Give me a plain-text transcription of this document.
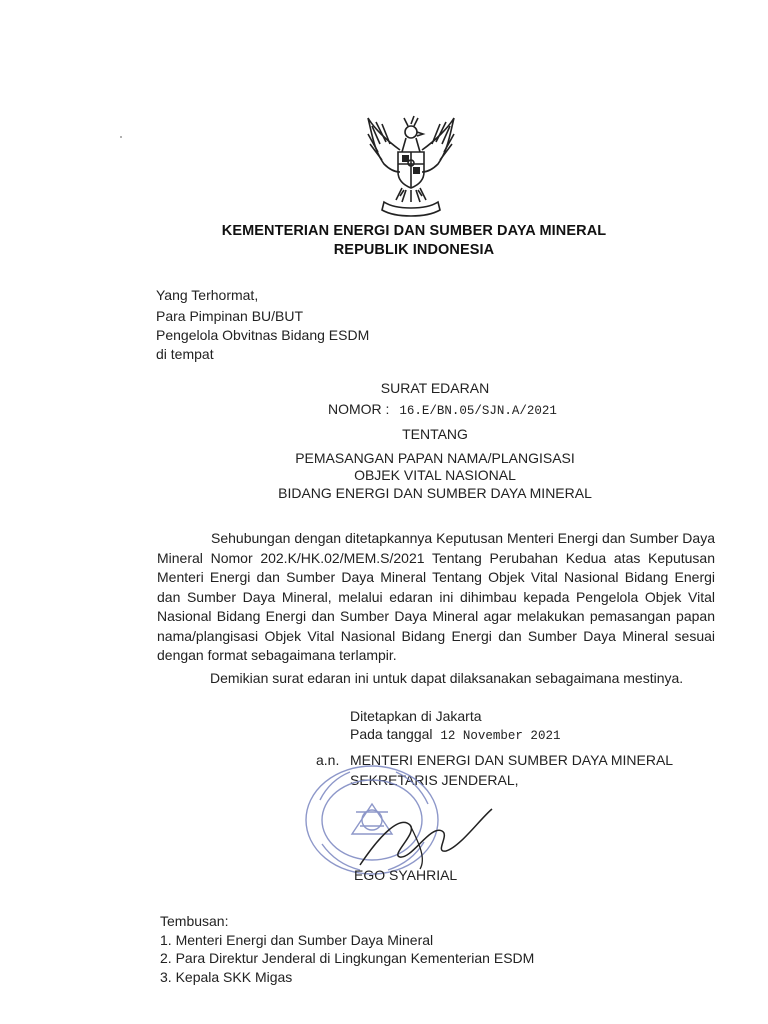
KEMENTERIAN ENERGI DAN SUMBER DAYA MINERAL
REPUBLIK INDONESIA
Yang Terhormat,
Para Pimpinan BU/BUT
Pengelola Obvitnas Bidang ESDM
di tempat
SURAT EDARAN
NOMOR : 16.E/BN.05/SJN.A/2021
TENTANG
PEMASANGAN PAPAN NAMA/PLANGISASI
OBJEK VITAL NASIONAL
BIDANG ENERGI DAN SUMBER DAYA MINERAL
Sehubungan dengan ditetapkannya Keputusan Menteri Energi dan Sumber Daya Mineral Nomor 202.K/HK.02/MEM.S/2021 Tentang Perubahan Kedua atas Keputusan Menteri Energi dan Sumber Daya Mineral Tentang Objek Vital Nasional Bidang Energi dan Sumber Daya Mineral, melalui edaran ini dihimbau kepada Pengelola Objek Vital Nasional Bidang Energi dan Sumber Daya Mineral agar melakukan pemasangan papan nama/plangisasi Objek Vital Nasional Bidang Energi dan Sumber Daya Mineral sesuai dengan format sebagaimana terlampir.
Demikian surat edaran ini untuk dapat dilaksanakan sebagaimana mestinya.
Ditetapkan di Jakarta
Pada tanggal 12 November 2021
a.n. MENTERI ENERGI DAN SUMBER DAYA MINERAL
SEKRETARIS JENDERAL,
EGO SYAHRIAL
Tembusan:
1. Menteri Energi dan Sumber Daya Mineral
2. Para Direktur Jenderal di Lingkungan Kementerian ESDM
3. Kepala SKK Migas
